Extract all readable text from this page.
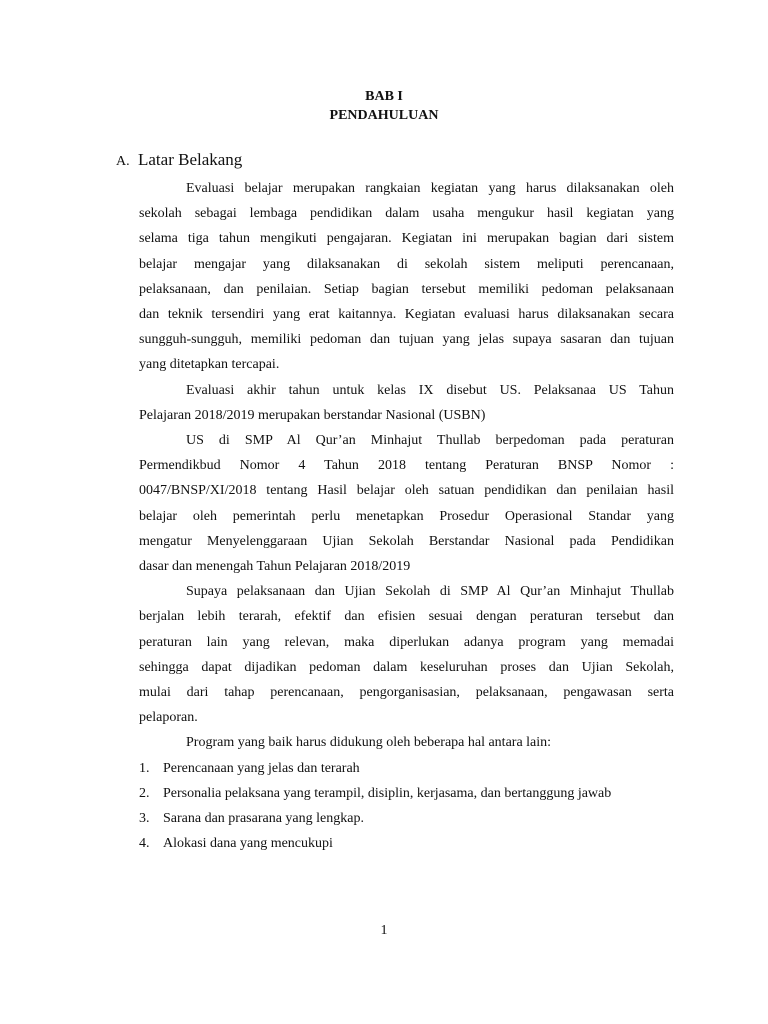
BAB I
PENDAHULUAN
A. Latar Belakang
Evaluasi belajar merupakan rangkaian kegiatan yang harus dilaksanakan oleh
sekolah sebagai lembaga pendidikan dalam usaha mengukur hasil kegiatan yang
selama tiga tahun mengikuti pengajaran. Kegiatan ini merupakan bagian dari sistem
belajar mengajar yang dilaksanakan di sekolah sistem meliputi perencanaan,
pelaksanaan, dan penilaian. Setiap bagian tersebut memiliki pedoman pelaksanaan
dan teknik tersendiri yang erat kaitannya. Kegiatan evaluasi harus dilaksanakan secara
sungguh-sungguh, memiliki pedoman dan tujuan yang jelas supaya sasaran dan tujuan
yang ditetapkan tercapai.
Evaluasi akhir tahun untuk kelas IX disebut US. Pelaksanaa US Tahun
Pelajaran 2018/2019 merupakan berstandar Nasional (USBN)
US di SMP Al Qur’an Minhajut Thullab berpedoman pada peraturan
Permendikbud Nomor 4 Tahun 2018 tentang Peraturan BNSP Nomor :
0047/BNSP/XI/2018 tentang Hasil belajar oleh satuan pendidikan dan penilaian hasil
belajar oleh pemerintah perlu menetapkan Prosedur Operasional Standar yang
mengatur Menyelenggaraan Ujian Sekolah Berstandar Nasional pada Pendidikan
dasar dan menengah Tahun Pelajaran 2018/2019
Supaya pelaksanaan dan Ujian Sekolah di SMP Al Qur’an Minhajut Thullab
berjalan lebih terarah, efektif dan efisien sesuai dengan peraturan tersebut dan
peraturan lain yang relevan, maka diperlukan adanya program yang memadai
sehingga dapat dijadikan pedoman dalam keseluruhan proses dan Ujian Sekolah,
mulai dari tahap perencanaan, pengorganisasian, pelaksanaan, pengawasan serta
pelaporan.
Program yang baik harus didukung oleh beberapa hal antara lain:
1. Perencanaan yang jelas dan terarah
2. Personalia pelaksana yang terampil, disiplin, kerjasama, dan bertanggung jawab
3. Sarana dan prasarana yang lengkap.
4. Alokasi dana yang mencukupi
1
